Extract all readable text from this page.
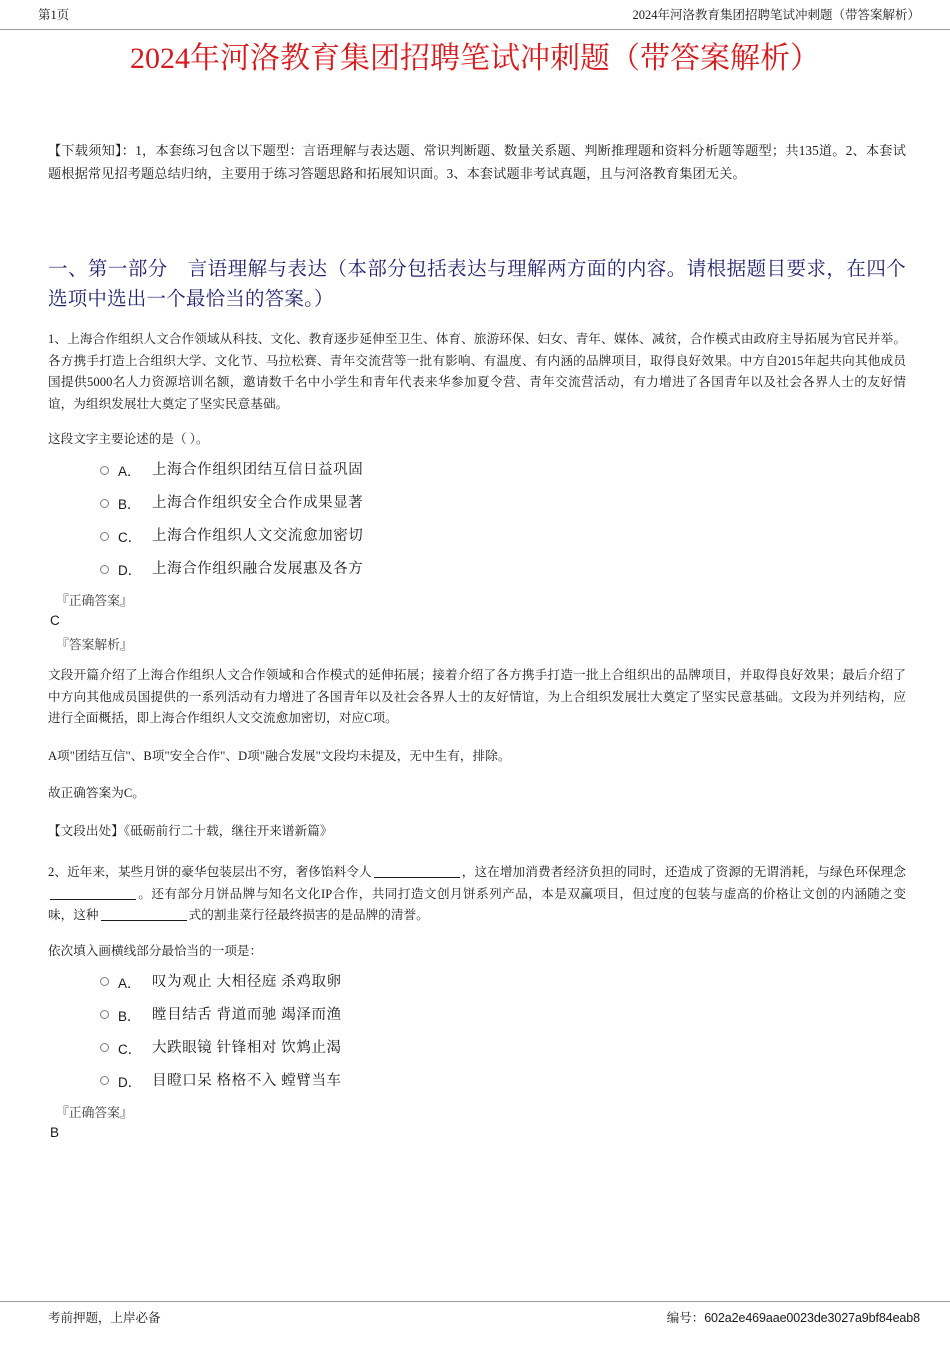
第1页	2024年河洛教育集团招聘笔试冲刺题（带答案解析）
2024年河洛教育集团招聘笔试冲刺题（带答案解析）

【下载须知】：1，本套练习包含以下题型：言语理解与表达题、常识判断题、数量关系题、判断推理题和资料分析题等题型；共135道。2、本套试题根据常见招考题总结归纳，主要用于练习答题思路和拓展知识面。3、本套试题非考试真题，且与河洛教育集团无关。

一、第一部分　言语理解与表达（本部分包括表达与理解两方面的内容。请根据题目要求，在四个选项中选出一个最恰当的答案。）

1、上海合作组织人文合作领域从科技、文化、教育逐步延伸至卫生、体育、旅游环保、妇女、青年、媒体、减贫，合作模式由政府主导拓展为官民并举。各方携手打造上合组织大学、文化节、马拉松赛、青年交流营等一批有影响、有温度、有内涵的品牌项目，取得良好效果。中方自2015年起共向其他成员国提供5000名人力资源培训名额，邀请数千名中小学生和青年代表来华参加夏令营、青年交流营活动，有力增进了各国青年以及社会各界人士的友好情谊，为组织发展壮大奠定了坚实民意基础。

这段文字主要论述的是（ ）。

A． 上海合作组织团结互信日益巩固
B． 上海合作组织安全合作成果显著
C． 上海合作组织人文交流愈加密切
D． 上海合作组织融合发展惠及各方
『正确答案』
C
『答案解析』

文段开篇介绍了上海合作组织人文合作领域和合作模式的延伸拓展；接着介绍了各方携手打造一批上合组织出的品牌项目，并取得良好效果；最后介绍了中方向其他成员国提供的一系列活动有力增进了各国青年以及社会各界人士的友好情谊，为上合组织发展壮大奠定了坚实民意基础。文段为并列结构，应进行全面概括，即上海合作组织人文交流愈加密切，对应C项。

A项"团结互信"、B项"安全合作"、D项"融合发展"文段均未提及，无中生有，排除。

故正确答案为C。

【文段出处】《砥砺前行二十载，继往开来谱新篇》

2、近年来，某些月饼的豪华包装层出不穷，奢侈馅料令人	，这在增加消费者经济负担的同时，还造成了资源的无谓消耗，与绿色环保理念。还有部分月饼品牌与知名文化IP合作，共同打造文创月饼系列产品，本是双赢项目，但过度的包装与虚高的价格让文创的内涵随之变味，这种	式的割韭菜行径最终损害的是品牌的清誉。

依次填入画横线部分最恰当的一项是：

A． 叹为观止 大相径庭 杀鸡取卵
B． 瞠目结舌 背道而驰 竭泽而渔
C． 大跌眼镜 针锋相对 饮鸩止渴
D． 目瞪口呆 格格不入 螳臂当车
『正确答案』
B
考前押题，上岸必备	编号：602a2e469aae0023de3027a9bf84eab8
